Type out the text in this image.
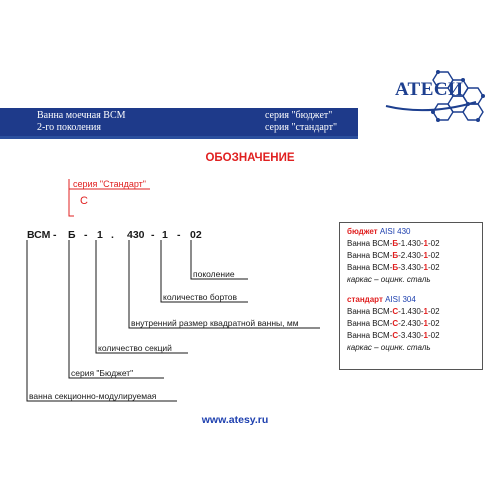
АТЕСИ
Ванна моечная ВСМ
2-го поколения
серия "бюджет"
серия "стандарт"
ОБОЗНАЧЕНИЕ
серия "Стандарт"
С
ВСМ - Б - 1 . 430 - 1 - 02
поколение
количество бортов
внутренний размер квадратной ванны, мм
количество секций
серия "Бюджет"
ванна секционно-модулируемая
бюджет AISI 430
Ванна ВСМ-Б-1.430-1-02
Ванна ВСМ-Б-2.430-1-02
Ванна ВСМ-Б-3.430-1-02
каркас – оцинк. сталь
стандарт AISI 304
Ванна ВСМ-С-1.430-1-02
Ванна ВСМ-С-2.430-1-02
Ванна ВСМ-С-3.430-1-02
каркас – оцинк. сталь
www.atesy.ru
